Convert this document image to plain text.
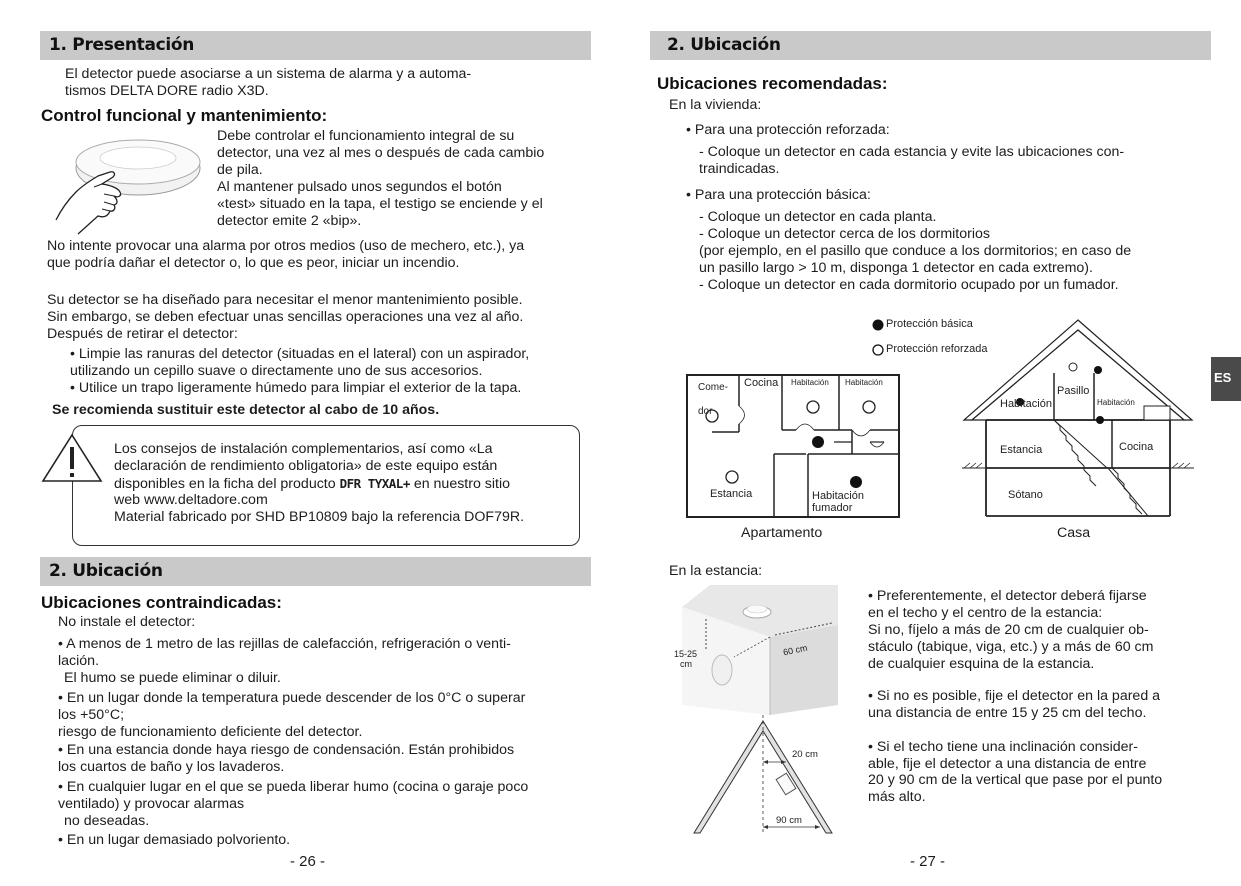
1. Presentación
El detector puede asociarse a un sistema de alarma y a automa-
tismos DELTA DORE radio X3D.
Control funcional y mantenimiento:
Debe controlar el funcionamiento integral de su
detector, una vez al mes o después de cada cambio
de pila.
Al mantener pulsado unos segundos el botón
«test» situado en la tapa, el testigo se enciende y el
detector emite 2 «bip».
No intente provocar una alarma por otros medios (uso de mechero, etc.), ya
que podría dañar el detector o, lo que es peor, iniciar un incendio.
Su detector se ha diseñado para necesitar el menor mantenimiento posible.
Sin embargo, se deben efectuar unas sencillas operaciones una vez al año.
Después de retirar el detector:
• Limpie las ranuras del detector (situadas en el lateral) con un aspirador,
utilizando un cepillo suave o directamente uno de sus accesorios.
• Utilice un trapo ligeramente húmedo para limpiar el exterior de la tapa.
Se recomienda sustituir este detector al cabo de 10 años.
Los consejos de instalación complementarios, así como «La
declaración de rendimiento obligatoria» de este equipo están
disponibles en la ficha del producto DFR TYXAL+ en nuestro sitio
web www.deltadore.com
Material fabricado por SHD BP10809 bajo la referencia DOF79R.
2. Ubicación
Ubicaciones contraindicadas:
No instale el detector:
• A menos de 1 metro de las rejillas de calefacción, refrigeración o venti-
lación.
El humo se puede eliminar o diluir.
• En un lugar donde la temperatura puede descender de los 0°C o superar
los +50°C;
riesgo de funcionamiento deficiente del detector.
• En una estancia donde haya riesgo de condensación. Están prohibidos
los cuartos de baño y los lavaderos.
• En cualquier lugar en el que se pueda liberar humo (cocina o garaje poco
ventilado) y provocar alarmas
no deseadas.
• En un lugar demasiado polvoriento.
- 26 -
2. Ubicación
Ubicaciones recomendadas:
En la vivienda:
• Para una protección reforzada:
- Coloque un detector en cada estancia y evite las ubicaciones con-
traindicadas.
• Para una protección básica:
- Coloque un detector en cada planta.
- Coloque un detector cerca de los dormitorios
(por ejemplo, en el pasillo que conduce a los dormitorios; en caso de
un pasillo largo > 10 m, disponga 1 detector en cada extremo).
- Coloque un detector en cada dormitorio ocupado por un fumador.
Protección básica
Protección reforzada
Come-
dor
Cocina Habitación Habitación
Estancia	Habitación
fumador
Apartamento
Pasillo
Habitación	Habitación
Estancia	Cocina
Sótano
Casa
ES
En la estancia:
15-25
cm
60 cm
20 cm
90 cm
• Preferentemente, el detector deberá fijarse
en el techo y el centro de la estancia:
Si no, fíjelo a más de 20 cm de cualquier ob-
stáculo (tabique, viga, etc.) y a más de 60 cm
de cualquier esquina de la estancia.
• Si no es posible, fije el detector en la pared a
una distancia de entre 15 y 25 cm del techo.
• Si el techo tiene una inclinación consider-
able, fije el detector a una distancia de entre
20 y 90 cm de la vertical que pase por el punto
más alto.
- 27 -
